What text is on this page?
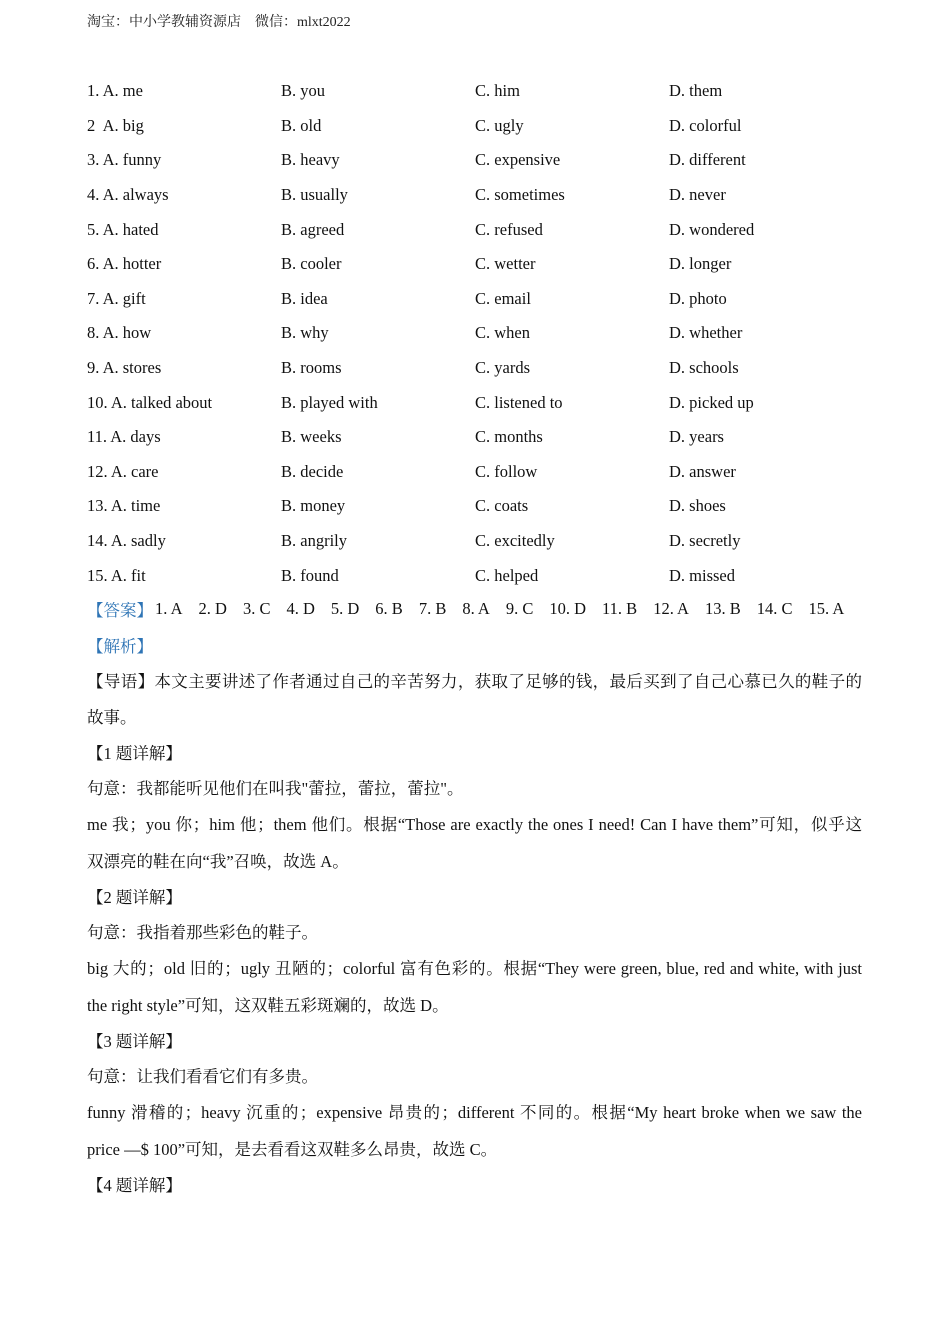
淘宝：中小学教辅资源店 微信：mlxt2022
1. A. me	B. you	C. him	D. them
2  A. big	B. old	C. ugly	D. colorful
3. A. funny	B. heavy	C. expensive	D. different
4. A. always	B. usually	C. sometimes	D. never
5. A. hated	B. agreed	C. refused	D. wondered
6. A. hotter	B. cooler	C. wetter	D. longer
7. A. gift	B. idea	C. email	D. photo
8. A. how	B. why	C. when	D. whether
9. A. stores	B. rooms	C. yards	D. schools
10. A. talked about	B. played with	C. listened to	D. picked up
11. A. days	B. weeks	C. months	D. years
12. A. care	B. decide	C. follow	D. answer
13. A. time	B. money	C. coats	D. shoes
14. A. sadly	B. angrily	C. excitedly	D. secretly
15. A. fit	B. found	C. helped	D. missed
【答案】 1. A 2. D 3. C 4. D 5. D 6. B 7. B 8. A 9. C 10. D 11. B 12. A 13. B 14. C 15. A
【解析】
【导语】本文主要讲述了作者通过自己的辛苦努力，获取了足够的钱，最后买到了自己心慕已久的鞋子的
故事。
【1 题详解】
句意：我都能听见他们在叫我"蕾拉，蕾拉，蕾拉"。
me 我；you 你；him 他；them 他们。根据“Those are exactly the ones I need! Can I have them”可知，似乎这
双漂亮的鞋在向“我”召唤，故选 A。
【2 题详解】
句意：我指着那些彩色的鞋子。
big 大的；old 旧的；ugly 丑陋的；colorful 富有色彩的。根据“They were green, blue, red and white, with just
the right style”可知，这双鞋五彩斑斓的，故选 D。
【3 题详解】
句意：让我们看看它们有多贵。
funny 滑稽的；heavy 沉重的；expensive 昂贵的；different 不同的。根据“My heart broke when we saw the
price —$ 100”可知，是去看看这双鞋多么昂贵，故选 C。
【4 题详解】
